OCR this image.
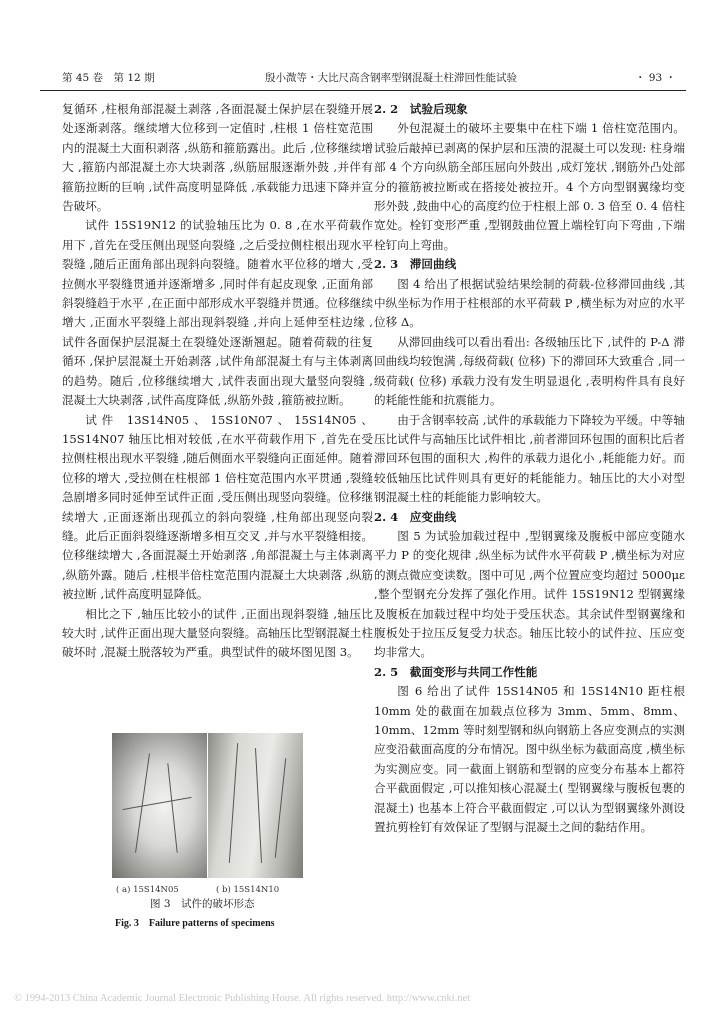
第 45 卷　第 12 期	殷小溦等・大比尺高含钢率型钢混凝土柱滞回性能试验	・ 93 ・

复循环 ,柱根角部混凝土剥落 ,各面混凝土保护层在裂缝开展处逐渐剥落。继续增大位移到一定值时 ,柱根 1 倍柱宽范围内的混凝土大面积剥落 ,纵筋和箍筋露出。此后 ,位移继续增大 ,箍筋内部混凝土亦大块剥落 ,纵筋屈服逐渐外鼓 ,并伴有箍筋拉断的巨响 ,试件高度明显降低 ,承载能力迅速下降并宣告破坏。

试件 15S19N12 的试验轴压比为 0. 8 ,在水平荷载作用下 ,首先在受压侧出现竖向裂缝 ,之后受拉侧柱根出现水平裂缝 ,随后正面角部出现斜向裂缝。随着水平位移的增大 ,受拉侧水平裂缝贯通并逐渐增多 ,同时伴有起皮现象 ,正面角部斜裂缝趋于水平 ,在正面中部形成水平裂缝并贯通。位移继续增大 ,正面水平裂缝上部出现斜裂缝 ,并向上延伸至柱边缘 ,试件各面保护层混凝土在裂缝处逐渐翘起。随着荷载的往复循环 ,保护层混凝土开始剥落 ,试件角部混凝土有与主体剥离的趋势。随后 ,位移继续增大 ,试件表面出现大量竖向裂缝 ,混凝土大块剥落 ,试件高度降低 ,纵筋外鼓 ,箍筋被拉断。

试件 13S14N05、15S10N07、15S14N05、15S14N07 轴压比相对较低 ,在水平荷载作用下 ,首先在受拉侧柱根出现水平裂缝 ,随后侧面水平裂缝向正面延伸。随着位移的增大 ,受拉侧在柱根部 1 倍柱宽范围内水平贯通 ,裂缝急剧增多同时延伸至试件正面 ,受压侧出现竖向裂缝。位移继续增大 ,正面逐渐出现孤立的斜向裂缝 ,柱角部出现竖向裂缝。此后正面斜裂缝逐渐增多相互交叉 ,并与水平裂缝相接。位移继续增大 ,各面混凝土开始剥落 ,角部混凝土与主体剥离 ,纵筋外露。随后 ,柱根半倍柱宽范围内混凝土大块剥落 ,纵筋被拉断 ,试件高度明显降低。

相比之下 ,轴压比较小的试件 ,正面出现斜裂缝 ,轴压比较大时 ,试件正面出现大量竖向裂缝。高轴压比型钢混凝土柱破坏时 ,混凝土脱落较为严重。典型试件的破坏图见图 3。

( a) 15S14N05	( b) 15S14N10
图 3　试件的破坏形态
Fig. 3　Failure patterns of specimens
2. 2　试验后现象

外包混凝土的破坏主要集中在柱下端 1 倍柱宽范围内。试验后敲掉已剥离的保护层和压溃的混凝土可以发现: 柱身端部 4 个方向纵筋全部压屈向外鼓出 ,成灯笼状 ,钢筋外凸处部分的箍筋被拉断或在搭接处被拉开。4 个方向型钢翼缘均变形外鼓 ,鼓曲中心的高度约位于柱根上部 0. 3 倍至 0. 4 倍柱宽处。栓钉变形严重 ,型钢鼓曲位置上端栓钉向下弯曲 ,下端栓钉向上弯曲。

2. 3　滞回曲线

图 4 给出了根据试验结果绘制的荷载-位移滞回曲线 ,其中纵坐标为作用于柱根部的水平荷载 P ,横坐标为对应的水平位移 Δ。

从滞回曲线可以看出看出: 各级轴压比下 ,试件的 P-Δ 滞回曲线均较饱满 ,每级荷载( 位移) 下的滞回环大致重合 ,同一级荷载( 位移) 承载力没有发生明显退化 ,表明构件具有良好的耗能性能和抗震能力。

由于含钢率较高 ,试件的承载能力下降较为平缓。中等轴压比试件与高轴压比试件相比 ,前者滞回环包围的面积比后者滞回环包围的面积大 ,构件的承载力退化小 ,耗能能力好。而较低轴压比试件则具有更好的耗能能力。轴压比的大小对型钢混凝土柱的耗能能力影响较大。

2. 4　应变曲线

图 5 为试验加载过程中 ,型钢翼缘及腹板中部应变随水平力 P 的变化规律 ,纵坐标为试件水平荷载 P ,横坐标为对应的测点微应变读数。图中可见 ,两个位置应变均超过 5000με ,整个型钢充分发挥了强化作用。试件 15S19N12 型钢翼缘及腹板在加载过程中均处于受压状态。其余试件型钢翼缘和腹板处于拉压反复受力状态。轴压比较小的试件拉、压应变均非常大。

2. 5　截面变形与共同工作性能

图 6 给出了试件 15S14N05 和 15S14N10 距柱根 10mm 处的截面在加载点位移为 3mm、5mm、8mm、10mm、12mm 等时刻型钢和纵向钢筋上各应变测点的实测应变沿截面高度的分布情况。图中纵坐标为截面高度 ,横坐标为实测应变。同一截面上钢筋和型钢的应变分布基本上都符合平截面假定 ,可以推知核心混凝土( 型钢翼缘与腹板包裹的混凝土) 也基本上符合平截面假定 ,可以认为型钢翼缘外测设置抗剪栓钉有效保证了型钢与混凝土之间的黏结作用。

© 1994-2013 China Academic Journal Electronic Publishing House. All rights reserved. http://www.cnki.net
